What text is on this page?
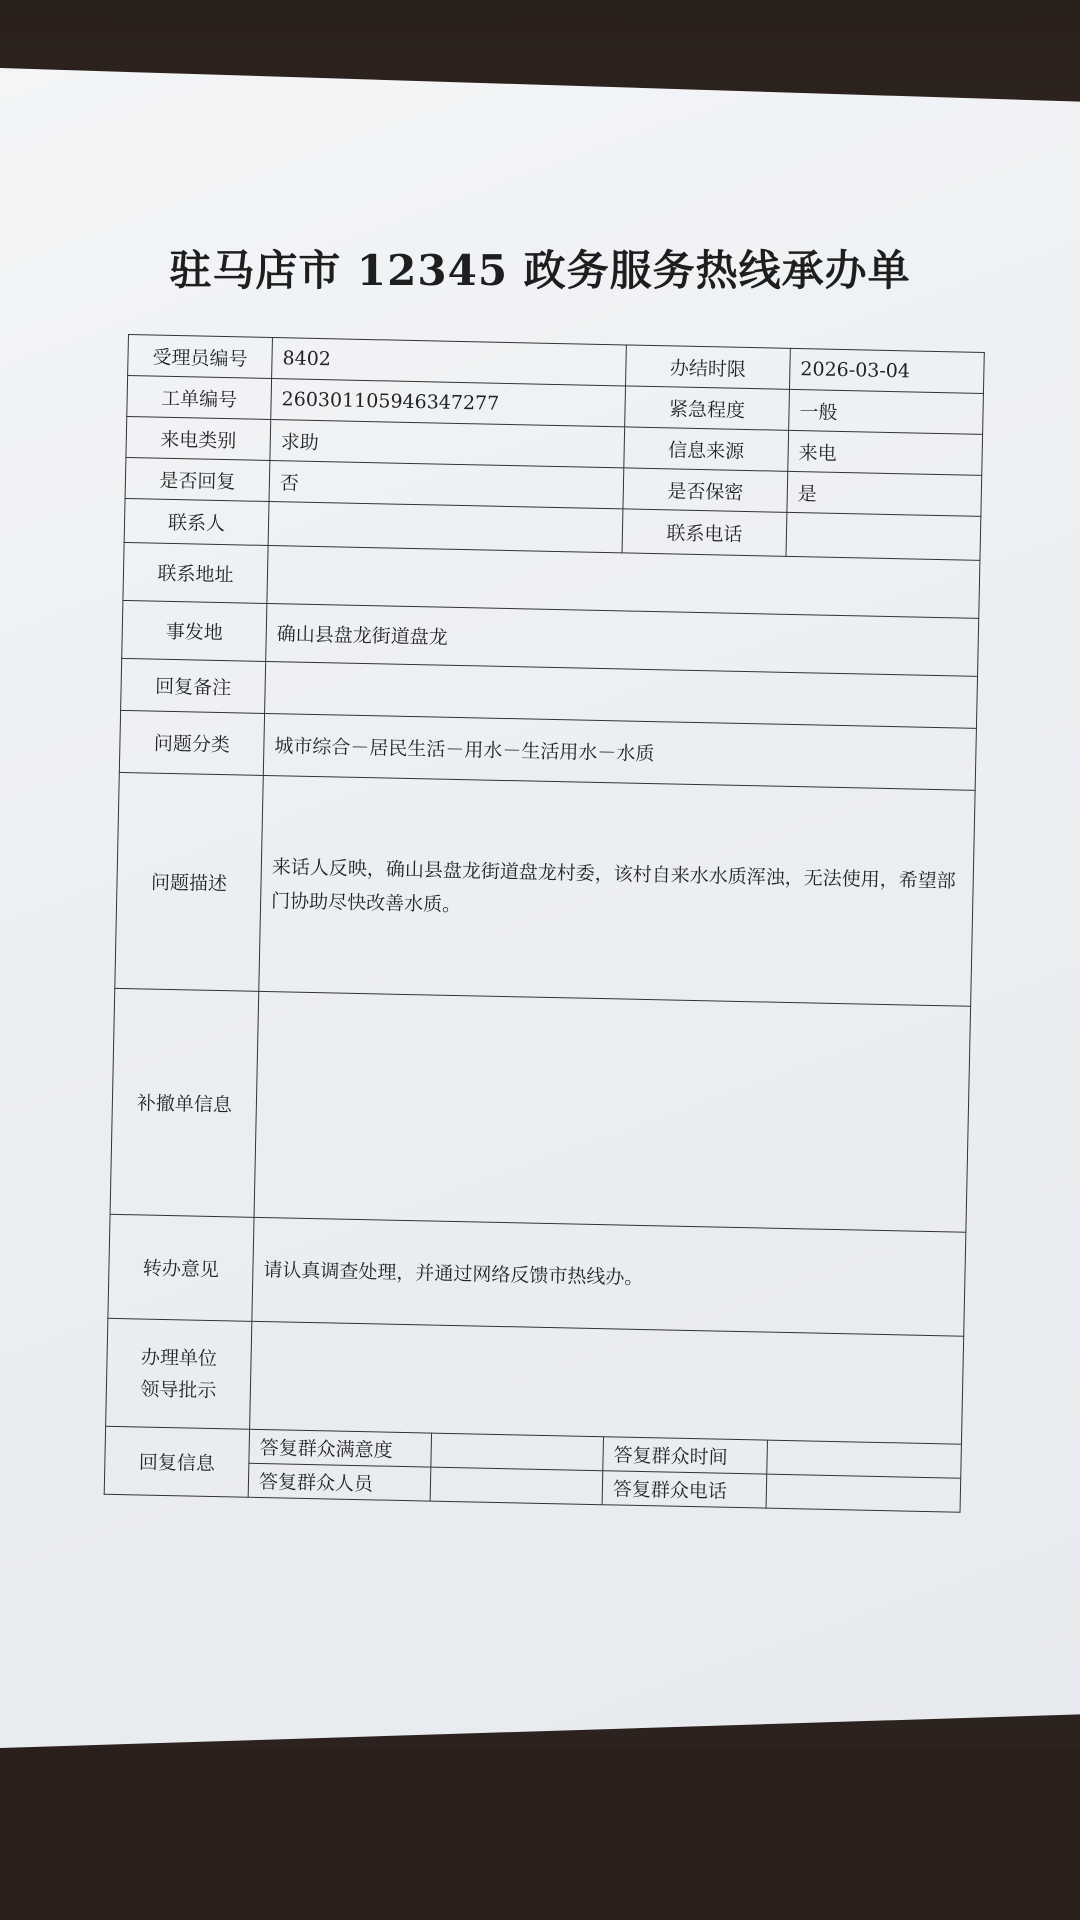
驻马店市 12345 政务服务热线承办单
受理员编号	8402		办结时限	2026-03-04
工单编号	260301105946347277		紧急程度	一般
来电类别	求助		信息来源	来电
是否回复	否		是否保密	是
联系人			联系电话	
联系地址				
事发地	确山县盘龙街道盘龙			
回复备注				
问题分类	城市综合－居民生活－用水－生活用水－水质			
问题描述	来话人反映，确山县盘龙街道盘龙村委，该村自来水水质浑浊，无法使用，希望部门协助尽快改善水质。			
补撤单信息				
转办意见	请认真调查处理，并通过网络反馈市热线办。			

办理单位
领导批示				

回复信息	答复群众满意度		答复群众时间	
	答复群众人员		答复群众电话	
